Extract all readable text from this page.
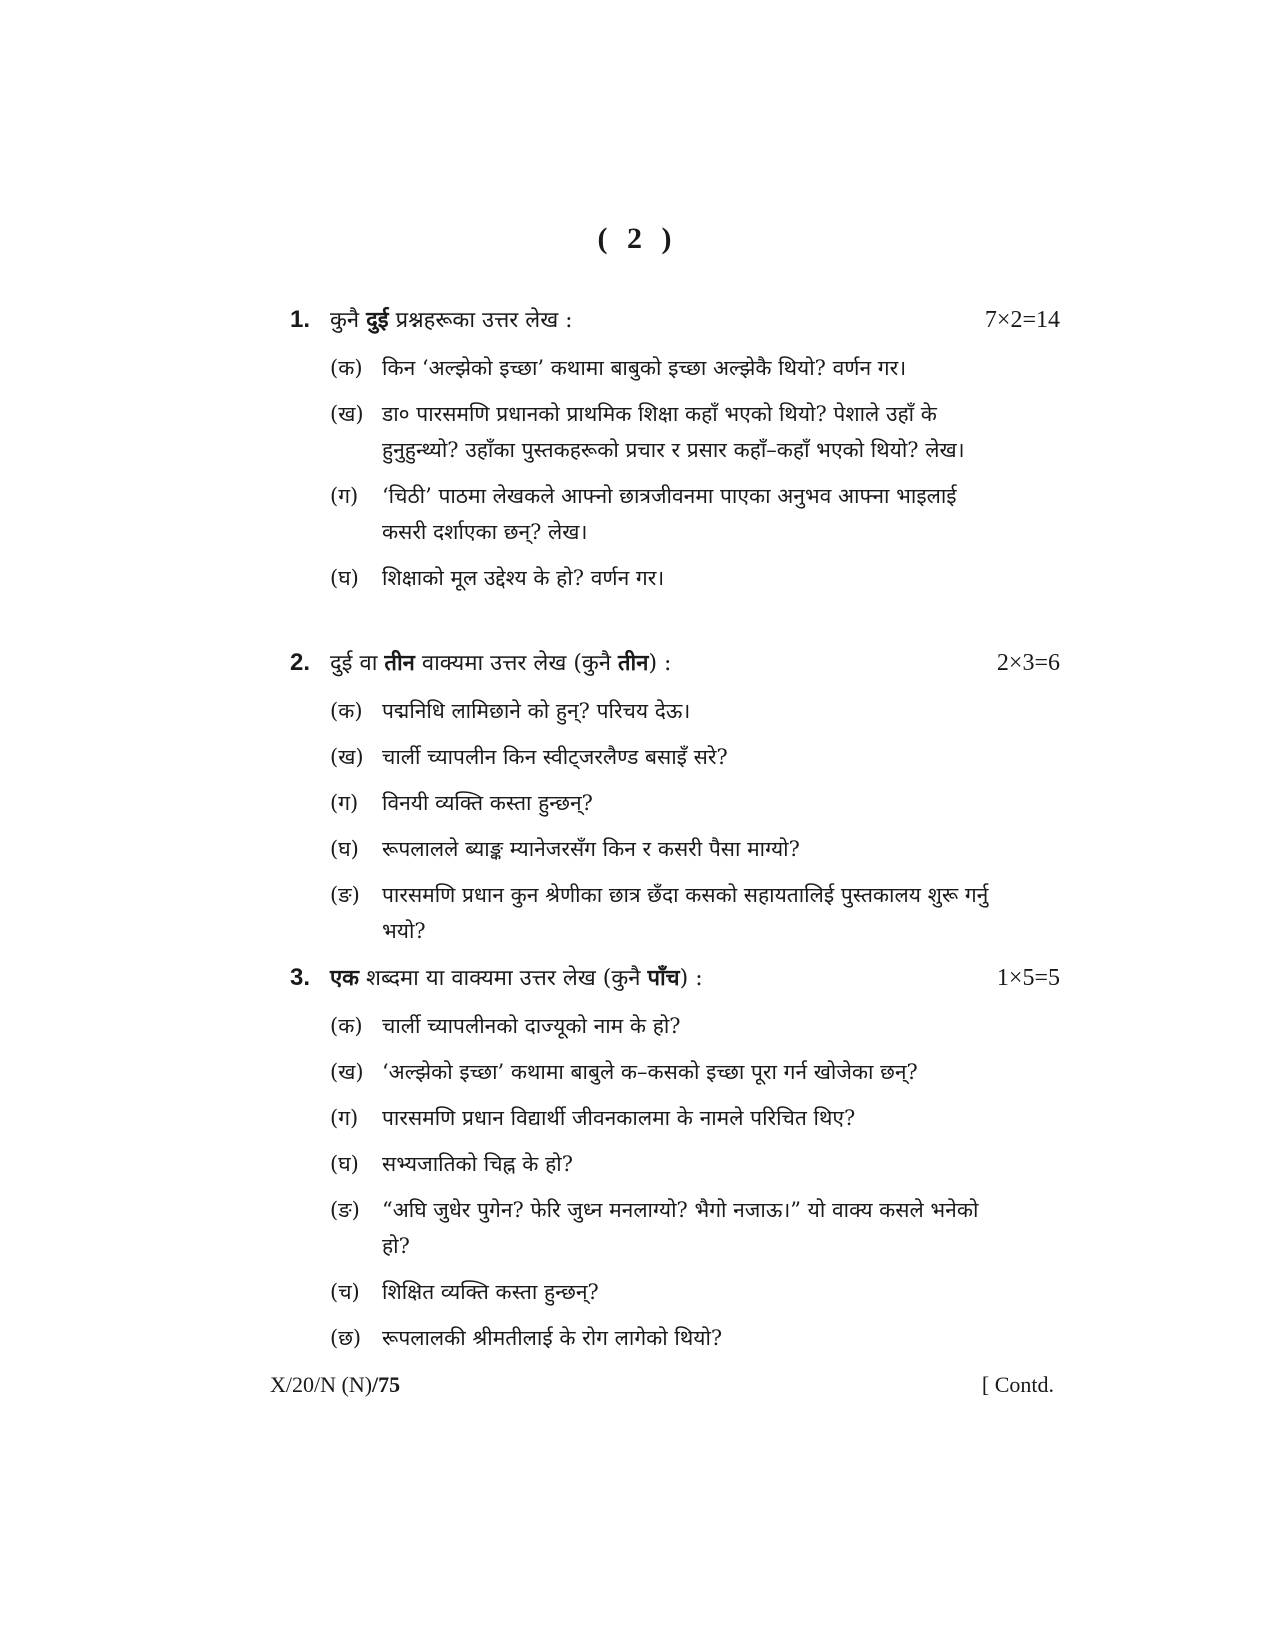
( 2 )
1. कुनै दुई प्रश्नहरूका उत्तर लेख :	7×2=14
(क) किन ‘अल्झेको इच्छा’ कथामा बाबुको इच्छा अल्झेकै थियो? वर्णन गर।
(ख) डा० पारसमणि प्रधानको प्राथमिक शिक्षा कहाँ भएको थियो? पेशाले उहाँ के हुनुहुन्थ्यो? उहाँका पुस्तकहरूको प्रचार र प्रसार कहाँ–कहाँ भएको थियो? लेख।
(ग) ‘चिठी’ पाठमा लेखकले आफ्नो छात्रजीवनमा पाएका अनुभव आफ्ना भाइलाई कसरी दर्शाएका छन्? लेख।
(घ) शिक्षाको मूल उद्देश्य के हो? वर्णन गर।
2. दुई वा तीन वाक्यमा उत्तर लेख (कुनै तीन) :	2×3=6
(क) पद्मनिधि लामिछाने को हुन्? परिचय देऊ।
(ख) चार्ली च्यापलीन किन स्वीट्जरलैण्ड बसाइँ सरे?
(ग) विनयी व्यक्ति कस्ता हुन्छन्?
(घ) रूपलालले ब्याङ्क म्यानेजरसँग किन र कसरी पैसा माग्यो?
(ङ) पारसमणि प्रधान कुन श्रेणीका छात्र छँदा कसको सहायतालिई पुस्तकालय शुरू गर्नु भयो?
3. एक शब्दमा या वाक्यमा उत्तर लेख (कुनै पाँच) :	1×5=5
(क) चार्ली च्यापलीनको दाज्यूको नाम के हो?
(ख) ‘अल्झेको इच्छा’ कथामा बाबुले क–कसको इच्छा पूरा गर्न खोजेका छन्?
(ग) पारसमणि प्रधान विद्यार्थी जीवनकालमा के नामले परिचित थिए?
(घ) सभ्यजातिको चिह्न के हो?
(ङ) “अघि जुधेर पुगेन? फेरि जुध्न मनलाग्यो? भैगो नजाऊ।” यो वाक्य कसले भनेको हो?
(च) शिक्षित व्यक्ति कस्ता हुन्छन्?
(छ) रूपलालकी श्रीमतीलाई के रोग लागेको थियो?
X/20/N (N)/75	[ Contd.
